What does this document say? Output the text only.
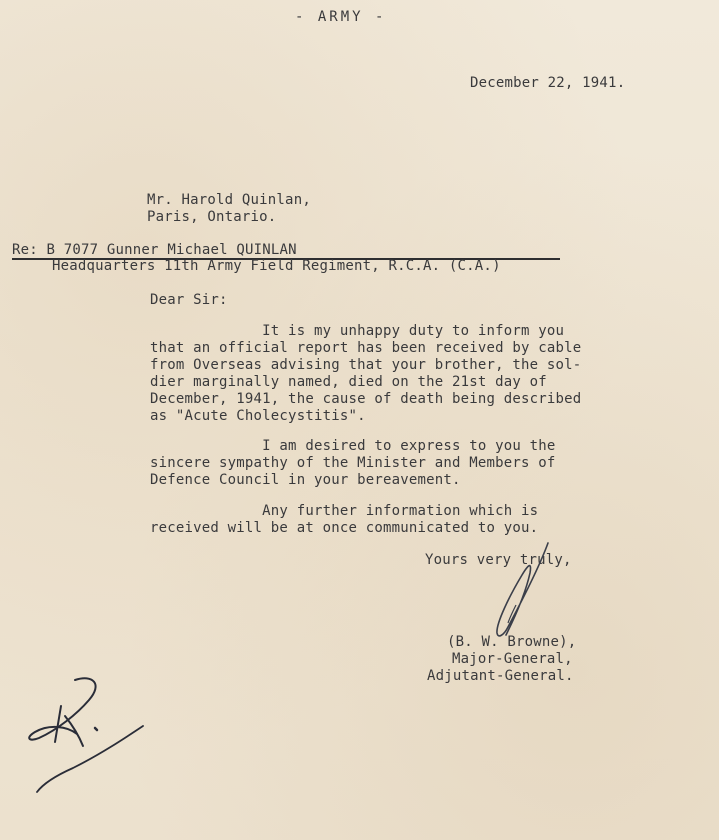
- ARMY -
December 22, 1941.
Mr. Harold Quinlan,
Paris, Ontario.
Re: B 7077 Gunner Michael QUINLAN
Headquarters 11th Army Field Regiment, R.C.A. (C.A.)
Dear Sir:
It is my unhappy duty to inform you
that an official report has been received by cable
from Overseas advising that your brother, the sol-
dier marginally named, died on the 21st day of
December, 1941, the cause of death being described
as "Acute Cholecystitis".
I am desired to express to you the
sincere sympathy of the Minister and Members of
Defence Council in your bereavement.
Any further information which is
received will be at once communicated to you.
Yours very truly,
(B. W. Browne),
Major-General,
Adjutant-General.
